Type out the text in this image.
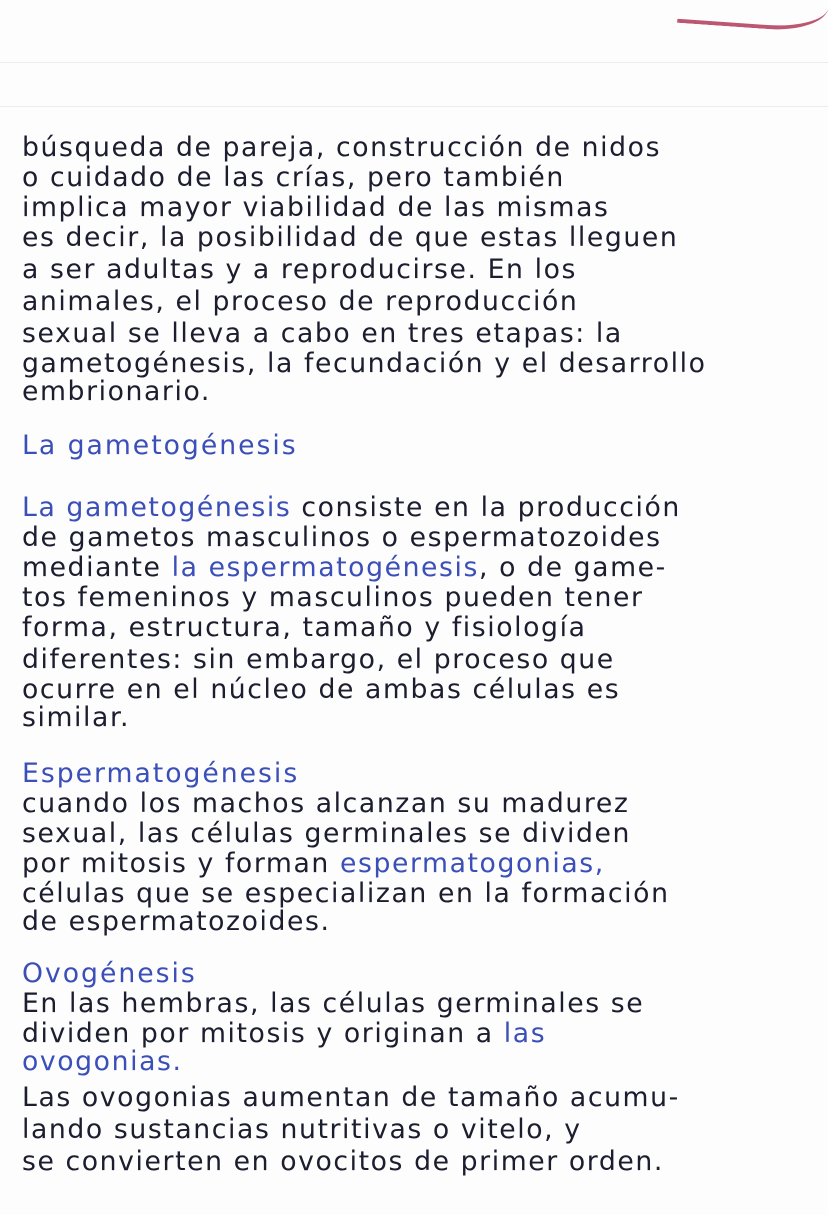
búsqueda de pareja, construcción de nidos
o cuidado de las crías, pero también
implica mayor viabilidad de las mismas
es decir, la posibilidad de que estas lleguen
a ser adultas y a reproducirse. En los
animales, el proceso de reproducción
sexual se lleva a cabo en tres etapas: la
gametogénesis, la fecundación y el desarrollo
embrionario.
La gametogénesis
La gametogénesis consiste en la producción
de gametos masculinos o espermatozoides
mediante la espermatogénesis, o de game-
tos femeninos y masculinos pueden tener
forma, estructura, tamaño y fisiología
diferentes: sin embargo, el proceso que
ocurre en el núcleo de ambas células es
similar.
Espermatogénesis
cuando los machos alcanzan su madurez
sexual, las células germinales se dividen
por mitosis y forman espermatogonias,
células que se especializan en la formación
de espermatozoides.
Ovogénesis
En las hembras, las células germinales se
dividen por mitosis y originan a las
ovogonias.
Las ovogonias aumentan de tamaño acumu-
lando sustancias nutritivas o vitelo, y
se convierten en ovocitos de primer orden.
